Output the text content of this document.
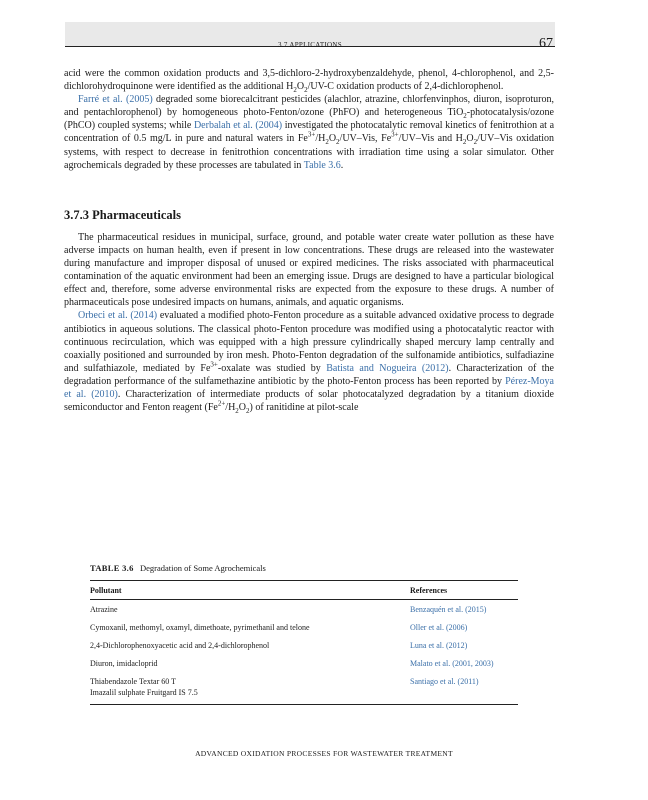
3.7 APPLICATIONS	67

acid were the common oxidation products and 3,5-dichloro-2-hydroxybenzaldehyde, phenol, 4-chlorophenol, and 2,5-dichlorohydroquinone were identified as the additional $H_2O_2/UV-C$ oxidation products of 2,4-dichlorophenol.

Farré et al. (2005) degraded some biorecalcitrant pesticides (alachlor, atrazine, chlorfenvinphos, diuron, isoproturon, and pentachlorophenol) by homogeneous photo-Fenton/ozone (PhFO) and heterogeneous TiO$_2$-photocatalysis/ozone (PhCO) coupled systems; while Derbalah et al. (2004) investigated the photocatalytic removal kinetics of fenitrothion at a concentration of 0.5 mg/L in pure and natural waters in $Fe^{3+}/H_2O_2/UV$–Vis, $Fe^{3+}/UV$–Vis and $H_2O_2/UV$–Vis oxidation systems, with respect to decrease in fenitrothion concentrations with irradiation time using a solar simulator. Other agrochemicals degraded by these processes are tabulated in Table 3.6.

3.7.3 Pharmaceuticals

The pharmaceutical residues in municipal, surface, ground, and potable water create water pollution as these have adverse impacts on human health, even if present in low concentrations. These drugs are released into the wastewater during manufacture and improper disposal of unused or expired medicines. The risks associated with pharmaceutical contamination of the aquatic environment had been an emerging issue. Drugs are designed to have a particular biological effect and, therefore, some adverse environmental risks are expected from the exposure to these drugs. A number of pharmaceuticals pose undesired impacts on humans, animals, and aquatic organisms.

Orbeci et al. (2014) evaluated a modified photo-Fenton procedure as a suitable advanced oxidative process to degrade antibiotics in aqueous solutions. The classical photo-Fenton procedure was modified using a photocatalytic reactor with continuous recirculation, which was equipped with a high pressure cylindrically shaped mercury lamp centrally and coaxially positioned and surrounded by iron mesh. Photo-Fenton degradation of the sulfonamide antibiotics, sulfadiazine and sulfathiazole, mediated by $Fe^{3+}$-oxalate was studied by Batista and Nogueira (2012). Characterization of the degradation performance of the sulfamethazine antibiotic by the photo-Fenton process has been reported by Pérez-Moya et al. (2010). Characterization of intermediate products of solar photocatalyzed degradation by a titanium dioxide semiconductor and Fenton reagent $(Fe^{2+}/H_2O_2)$ of ranitidine at pilot-scale

TABLE 3.6 Degradation of Some Agrochemicals
Pollutant	References
Atrazine	Benzaquén et al. (2015)
Cymoxanil, methomyl, oxamyl, dimethoate, pyrimethanil and telone	Oller et al. (2006)
2,4-Dichlorophenoxyacetic acid and 2,4-dichlorophenol	Luna et al. (2012)
Diuron, imidacloprid	Malato et al. (2001, 2003)

Thiabendazole Textar 60 T
Imazalil sulphate Fruitgard IS 7.5	Santiago et al. (2011)
ADVANCED OXIDATION PROCESSES FOR WASTEWATER TREATMENT
